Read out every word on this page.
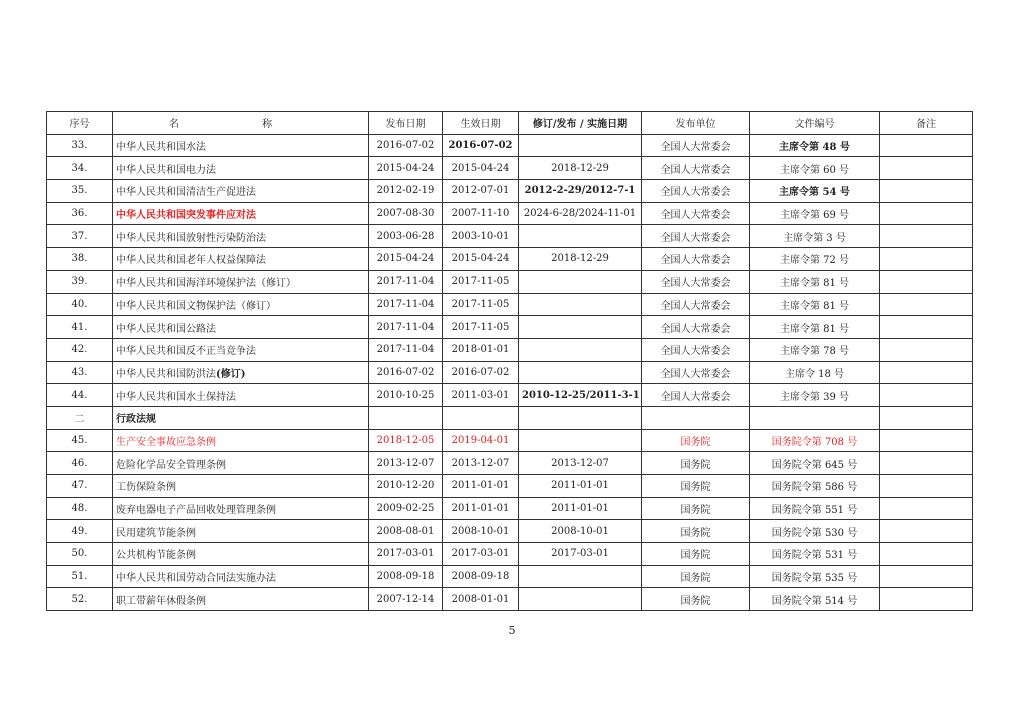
序号	名 称	发布日期	生效日期	修订/发布 / 实施日期	发布单位	文件编号	备注
33.	中华人民共和国水法	2016-07-02	2016-07-02		全国人大常委会	主席令第 48 号	
34.	中华人民共和国电力法	2015-04-24	2015-04-24	2018-12-29	全国人大常委会	主席令第 60 号	
35.	中华人民共和国清洁生产促进法	2012-02-19	2012-07-01	2012-2-29/2012-7-1	全国人大常委会	主席令第 54 号	
36.	中华人民共和国突发事件应对法	2007-08-30	2007-11-10	2024-6-28/2024-11-01	全国人大常委会	主席令第 69 号	
37.	中华人民共和国放射性污染防治法	2003-06-28	2003-10-01		全国人大常委会	主席令第 3 号	
38.	中华人民共和国老年人权益保障法	2015-04-24	2015-04-24	2018-12-29	全国人大常委会	主席令第 72 号	
39.	中华人民共和国海洋环境保护法（修订）	2017-11-04	2017-11-05		全国人大常委会	主席令第 81 号	
40.	中华人民共和国文物保护法（修订）	2017-11-04	2017-11-05		全国人大常委会	主席令第 81 号	
41.	中华人民共和国公路法	2017-11-04	2017-11-05		全国人大常委会	主席令第 81 号	
42.	中华人民共和国反不正当竞争法	2017-11-04	2018-01-01		全国人大常委会	主席令第 78 号	
43.	中华人民共和国防洪法(修订)	2016-07-02	2016-07-02		全国人大常委会	主席令 18 号	
44.	中华人民共和国水土保持法	2010-10-25	2011-03-01	2010-12-25/2011-3-1	全国人大常委会	主席令第 39 号	
二	行政法规						
45.	生产安全事故应急条例	2018-12-05	2019-04-01		国务院	国务院令第 708 号	
46.	危险化学品安全管理条例	2013-12-07	2013-12-07	2013-12-07	国务院	国务院令第 645 号	
47.	工伤保险条例	2010-12-20	2011-01-01	2011-01-01	国务院	国务院令第 586 号	
48.	废弃电器电子产品回收处理管理条例	2009-02-25	2011-01-01	2011-01-01	国务院	国务院令第 551 号	
49.	民用建筑节能条例	2008-08-01	2008-10-01	2008-10-01	国务院	国务院令第 530 号	
50.	公共机构节能条例	2017-03-01	2017-03-01	2017-03-01	国务院	国务院令第 531 号	
51.	中华人民共和国劳动合同法实施办法	2008-09-18	2008-09-18		国务院	国务院令第 535 号	
52.	职工带薪年休假条例	2007-12-14	2008-01-01		国务院	国务院令第 514 号	
5
